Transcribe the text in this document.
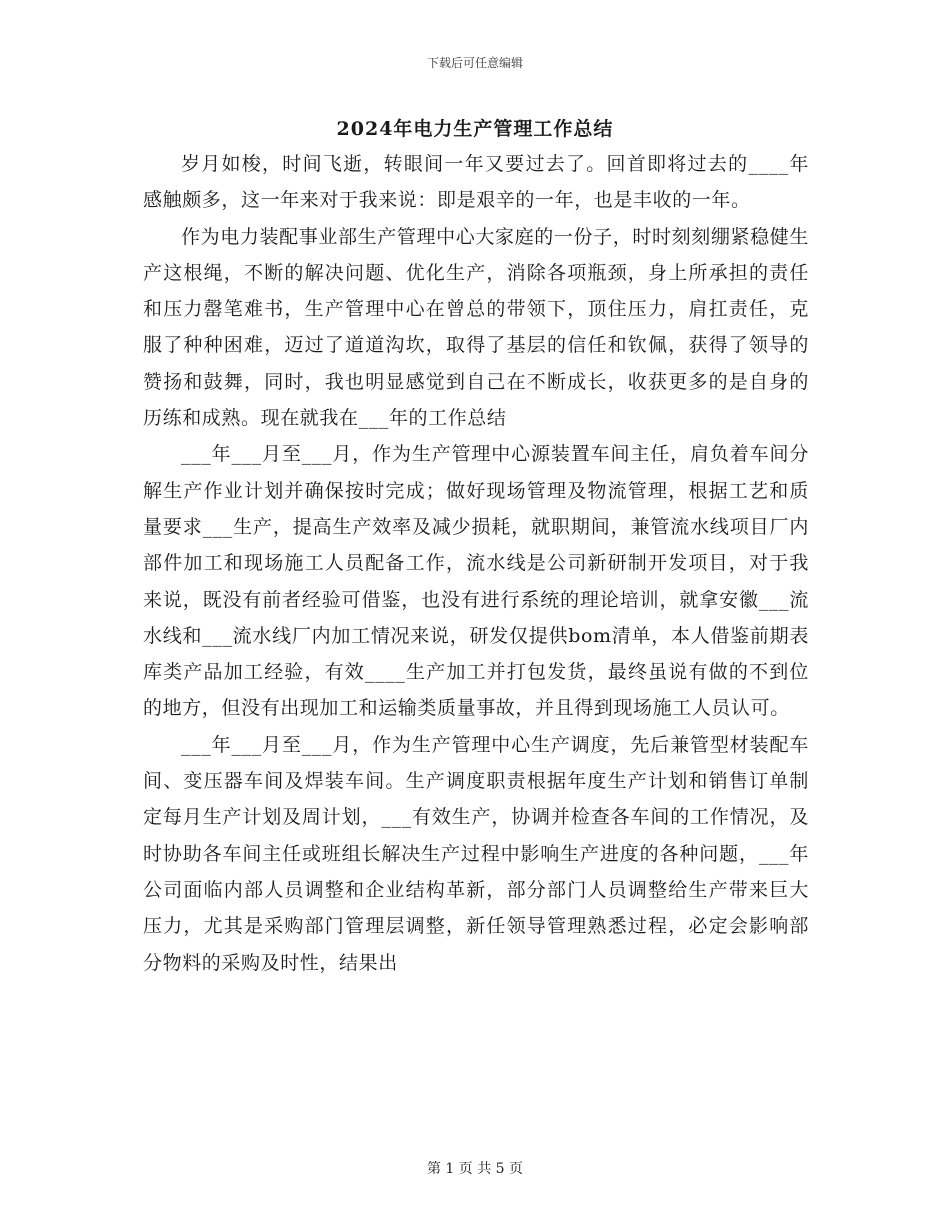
下载后可任意编辑
2024年电力生产管理工作总结

岁月如梭，时间飞逝，转眼间一年又要过去了。回首即将过去的____年感触颇多，这一年来对于我来说：即是艰辛的一年，也是丰收的一年。

作为电力装配事业部生产管理中心大家庭的一份子，时时刻刻绷紧稳健生产这根绳，不断的解决问题、优化生产，消除各项瓶颈，身上所承担的责任和压力罄笔难书，生产管理中心在曾总的带领下，顶住压力，肩扛责任，克服了种种困难，迈过了道道沟坎，取得了基层的信任和钦佩，获得了领导的赞扬和鼓舞，同时，我也明显感觉到自己在不断成长，收获更多的是自身的历练和成熟。现在就我在___年的工作总结

___年___月至___月，作为生产管理中心源装置车间主任，肩负着车间分解生产作业计划并确保按时完成；做好现场管理及物流管理，根据工艺和质量要求___生产，提高生产效率及减少损耗，就职期间，兼管流水线项目厂内部件加工和现场施工人员配备工作，流水线是公司新研制开发项目，对于我来说，既没有前者经验可借鉴，也没有进行系统的理论培训，就拿安徽___流水线和___流水线厂内加工情况来说，研发仅提供bom清单，本人借鉴前期表库类产品加工经验，有效____生产加工并打包发货，最终虽说有做的不到位的地方，但没有出现加工和运输类质量事故，并且得到现场施工人员认可。

___年___月至___月，作为生产管理中心生产调度，先后兼管型材装配车间、变压器车间及焊装车间。生产调度职责根据年度生产计划和销售订单制定每月生产计划及周计划，___有效生产，协调并检查各车间的工作情况，及时协助各车间主任或班组长解决生产过程中影响生产进度的各种问题，___年公司面临内部人员调整和企业结构革新，部分部门人员调整给生产带来巨大压力，尤其是采购部门管理层调整，新任领导管理熟悉过程，必定会影响部分物料的采购及时性，结果出

第 1 页 共 5 页
